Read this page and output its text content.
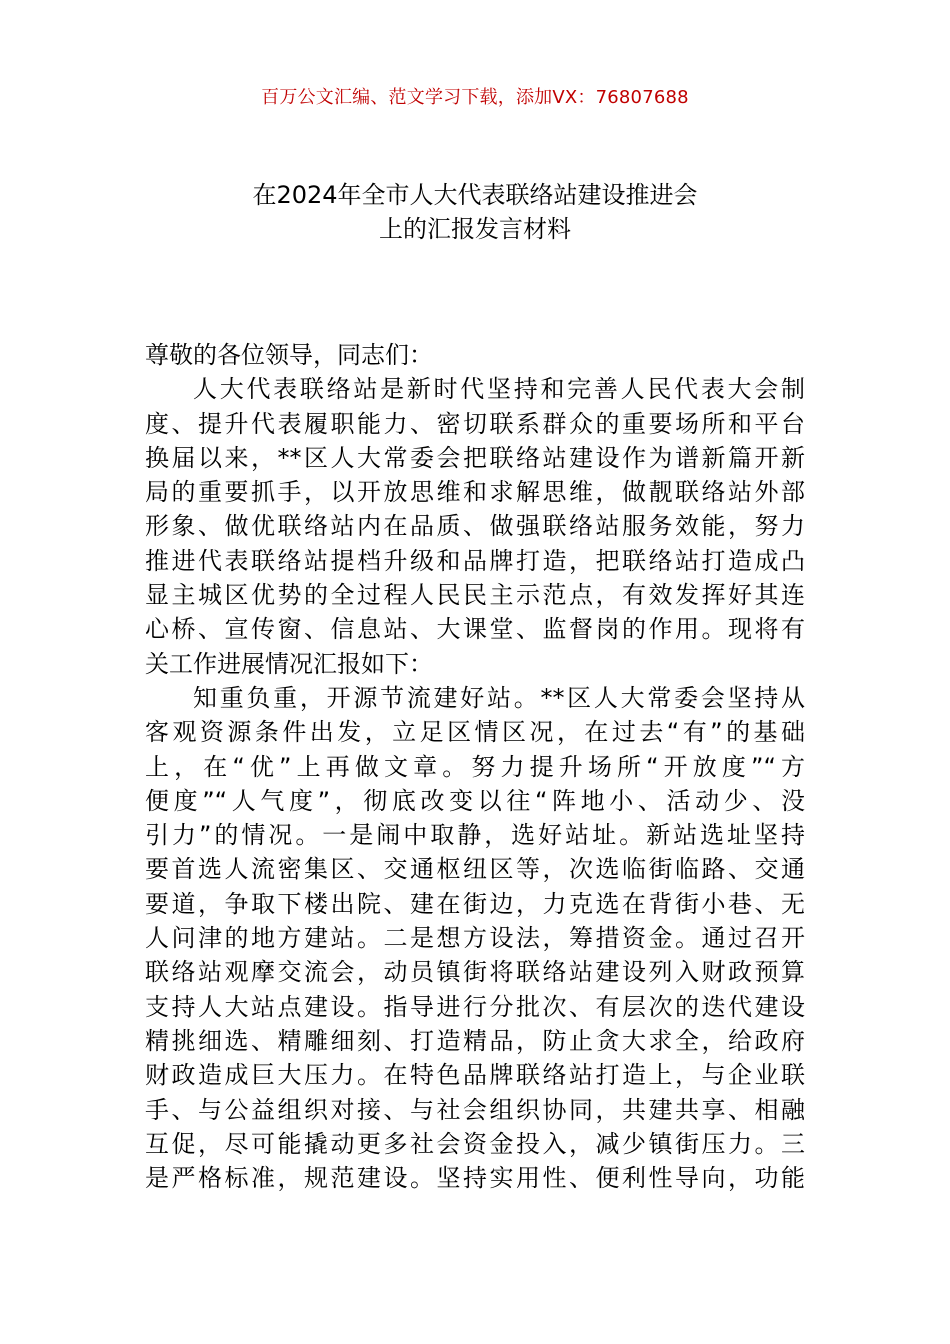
百万公文汇编、范文学习下载，添加VX：76807688
在2024年全市人大代表联络站建设推进会
上的汇报发言材料
尊敬的各位领导，同志们：
人大代表联络站是新时代坚持和完善人民代表大会制
度、提升代表履职能力、密切联系群众的重要场所和平台
换届以来，**区人大常委会把联络站建设作为谱新篇开新
局的重要抓手，以开放思维和求解思维，做靓联络站外部
形象、做优联络站内在品质、做强联络站服务效能，努力
推进代表联络站提档升级和品牌打造，把联络站打造成凸
显主城区优势的全过程人民民主示范点，有效发挥好其连
心桥、宣传窗、信息站、大课堂、监督岗的作用。现将有
关工作进展情况汇报如下：
知重负重，开源节流建好站。**区人大常委会坚持从
客观资源条件出发，立足区情区况，在过去“有”的基础
上，在“优”上再做文章。努力提升场所“开放度”“方
便度”“人气度”，彻底改变以往“阵地小、活动少、没
引力”的情况。一是闹中取静，选好站址。新站选址坚持
要首选人流密集区、交通枢纽区等，次选临街临路、交通
要道，争取下楼出院、建在街边，力克选在背街小巷、无
人问津的地方建站。二是想方设法，筹措资金。通过召开
联络站观摩交流会，动员镇街将联络站建设列入财政预算
支持人大站点建设。指导进行分批次、有层次的迭代建设
精挑细选、精雕细刻、打造精品，防止贪大求全，给政府
财政造成巨大压力。在特色品牌联络站打造上，与企业联
手、与公益组织对接、与社会组织协同，共建共享、相融
互促，尽可能撬动更多社会资金投入，减少镇街压力。三
是严格标准，规范建设。坚持实用性、便利性导向，功能
